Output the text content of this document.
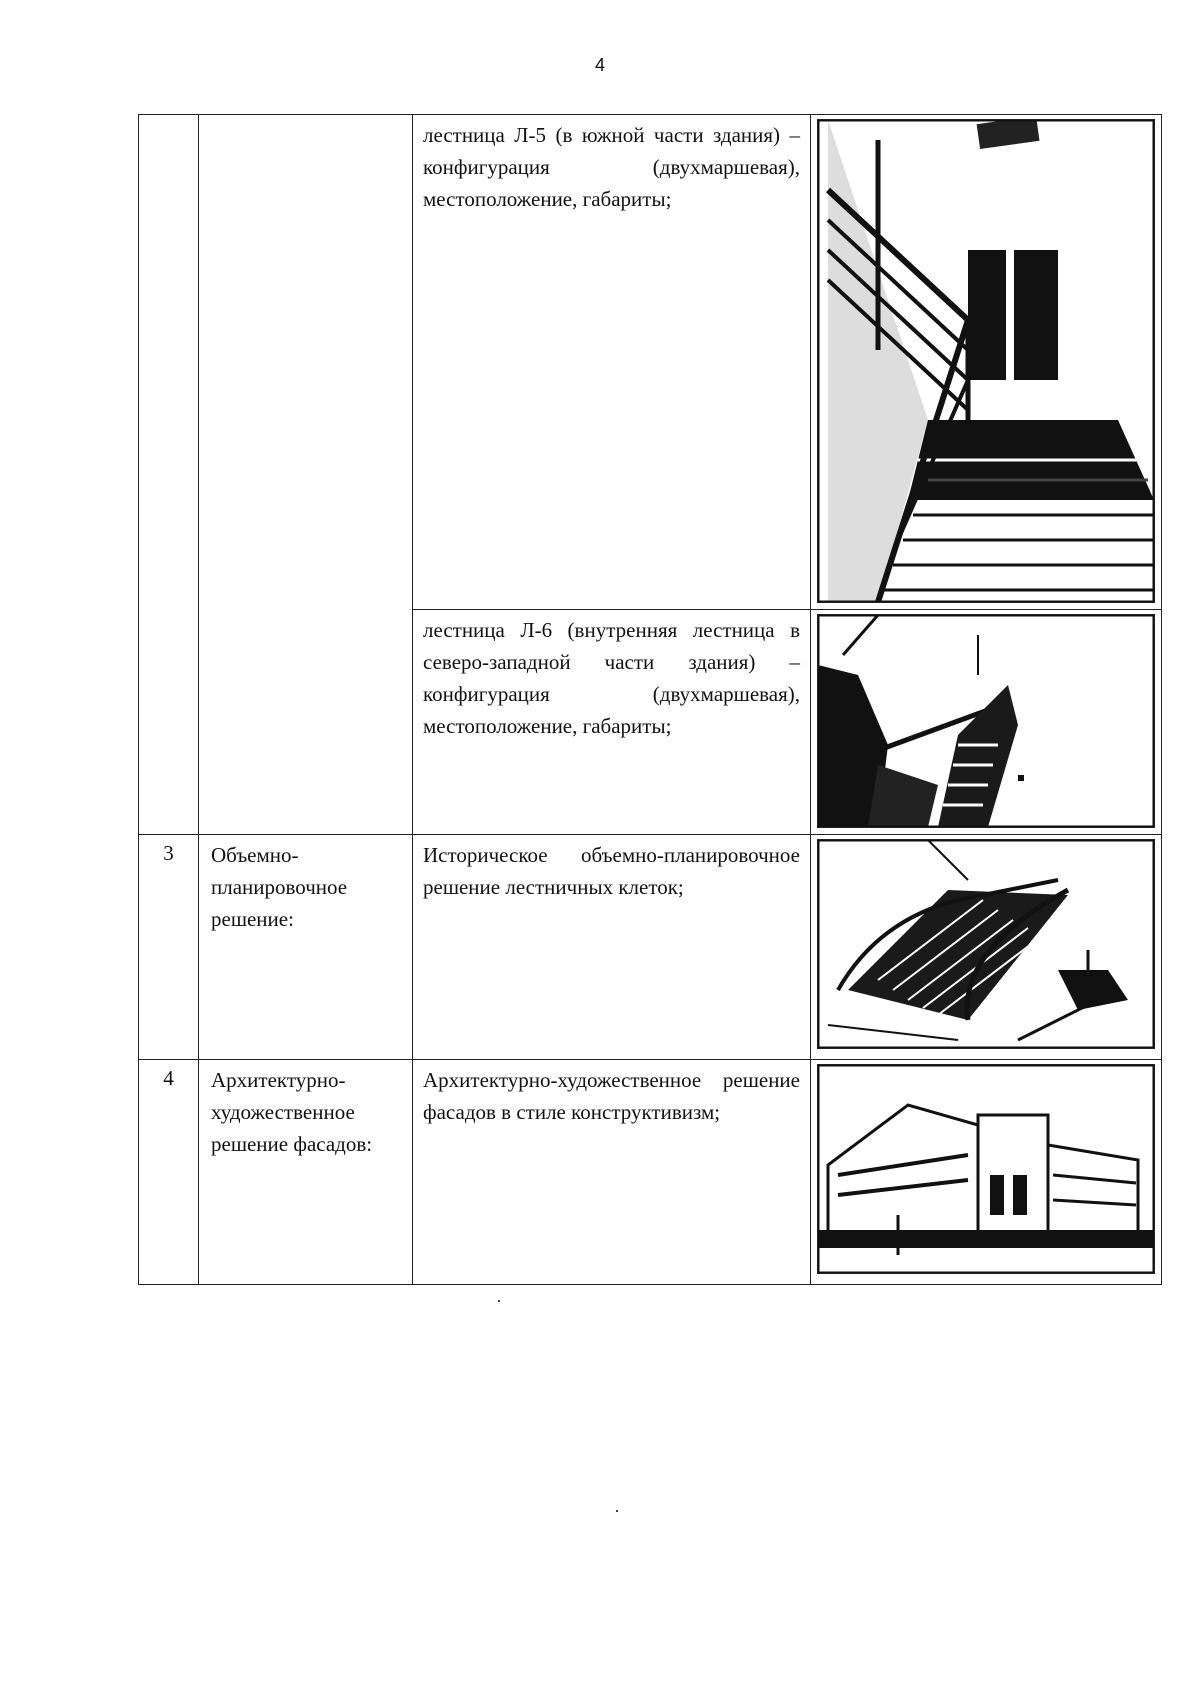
4

		лестница Л-5 (в южной части здания) – конфигурация (двухмаршевая), местоположение, габариты;

		лестница Л-6 (внутренняя лестница в северо-западной части здания) – конфигурация (двухмаршевая), местоположение, габариты;

3	Объемно-планировочное решение:	Историческое объемно-планировочное решение лестничных клеток;

4	Архитектурно-художественное решение фасадов:	Архитектурно-художественное решение фасадов в стиле конструктивизм;
